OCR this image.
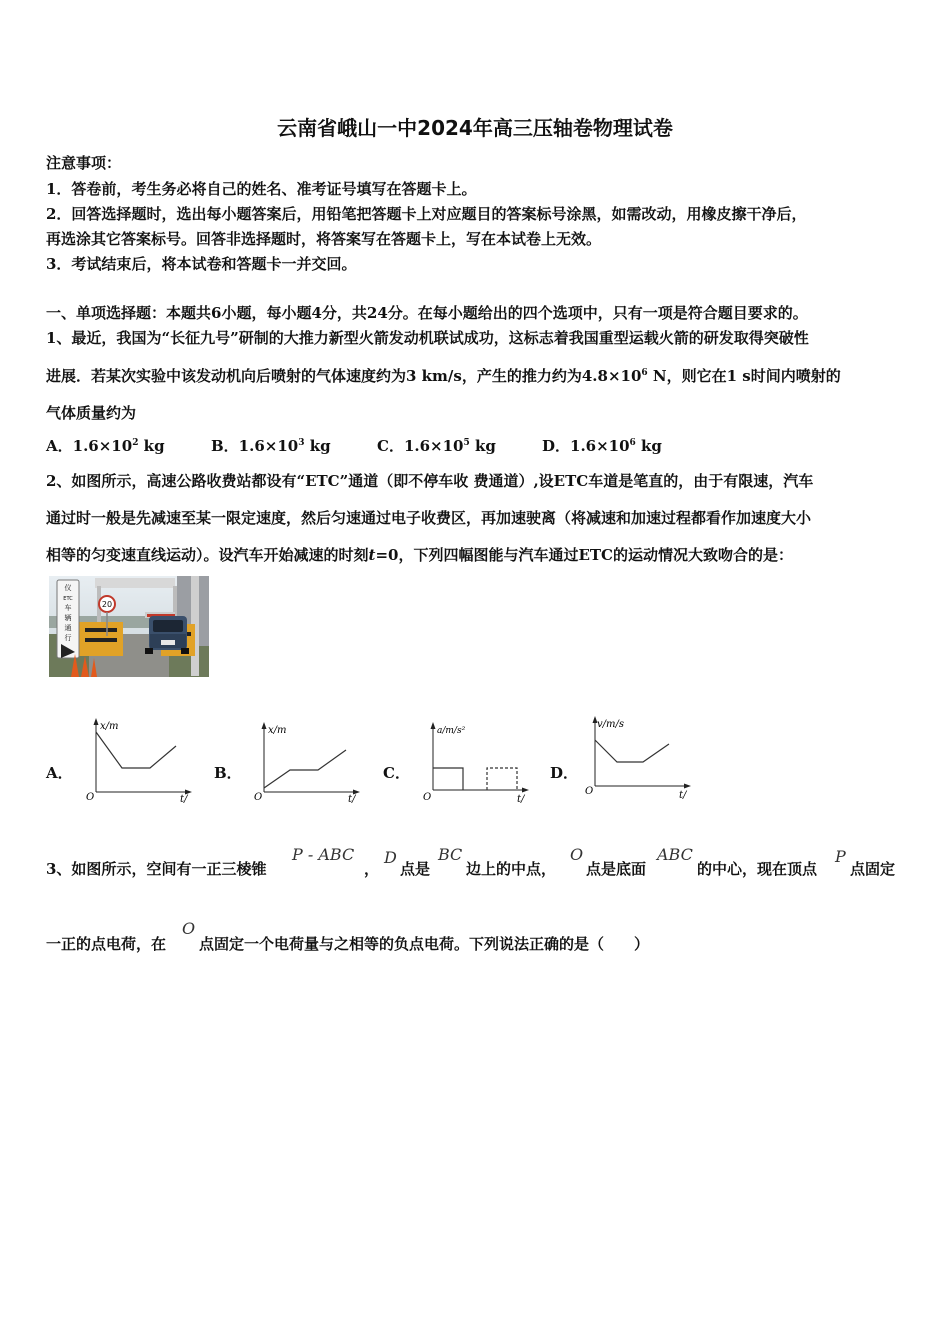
云南省峨山一中2024年高三压轴卷物理试卷
注意事项：
1．答卷前，考生务必将自己的姓名、准考证号填写在答题卡上。
2．回答选择题时，选出每小题答案后，用铅笔把答题卡上对应题目的答案标号涂黑，如需改动，用橡皮擦干净后，
再选涂其它答案标号。回答非选择题时，将答案写在答题卡上，写在本试卷上无效。
3．考试结束后，将本试卷和答题卡一并交回。
一、单项选择题：本题共6小题，每小题4分，共24分。在每小题给出的四个选项中，只有一项是符合题目要求的。
1、最近，我国为“长征九号”研制的大推力新型火箭发动机联试成功，这标志着我国重型运载火箭的研发取得突破性
进展．若某次实验中该发动机向后喷射的气体速度约为3 km/s，产生的推力约为$4.8\times 10^6$ N，则它在1 s时间内喷射的
气体质量约为
A．$1.6\times 10^2$ kg	B．$1.6\times 10^3$ kg	C．$1.6\times 10^5$ kg	D．$1.6\times 10^6$ kg
2、如图所示，高速公路收费站都设有“ETC”通道（即不停车收 费通道）,设ETC车道是笔直的，由于有限速，汽车
通过时一般是先减速至某一限定速度，然后匀速通过电子收费区，再加速驶离（将减速和加速过程都看作加速度大小
相等的匀变速直线运动）。设汽车开始减速的时刻t=0，下列四幅图能与汽车通过ETC的运动情况大致吻合的是：
20
仪
ETC
车
辆
通
行
A．
x/m
O	t/
B．
x/m
O	t/
C．
a/m/s²
O	t/
D．
v/m/s
O	t/
3、如图所示，空间有一正三棱锥
P - ABC
，
D
点是
BC
边上的中点，
O
点是底面
ABC
的中心，现在顶点
P
点固定
一正的点电荷，在
O
点固定一个电荷量与之相等的负点电荷。下列说法正确的是（　　）
